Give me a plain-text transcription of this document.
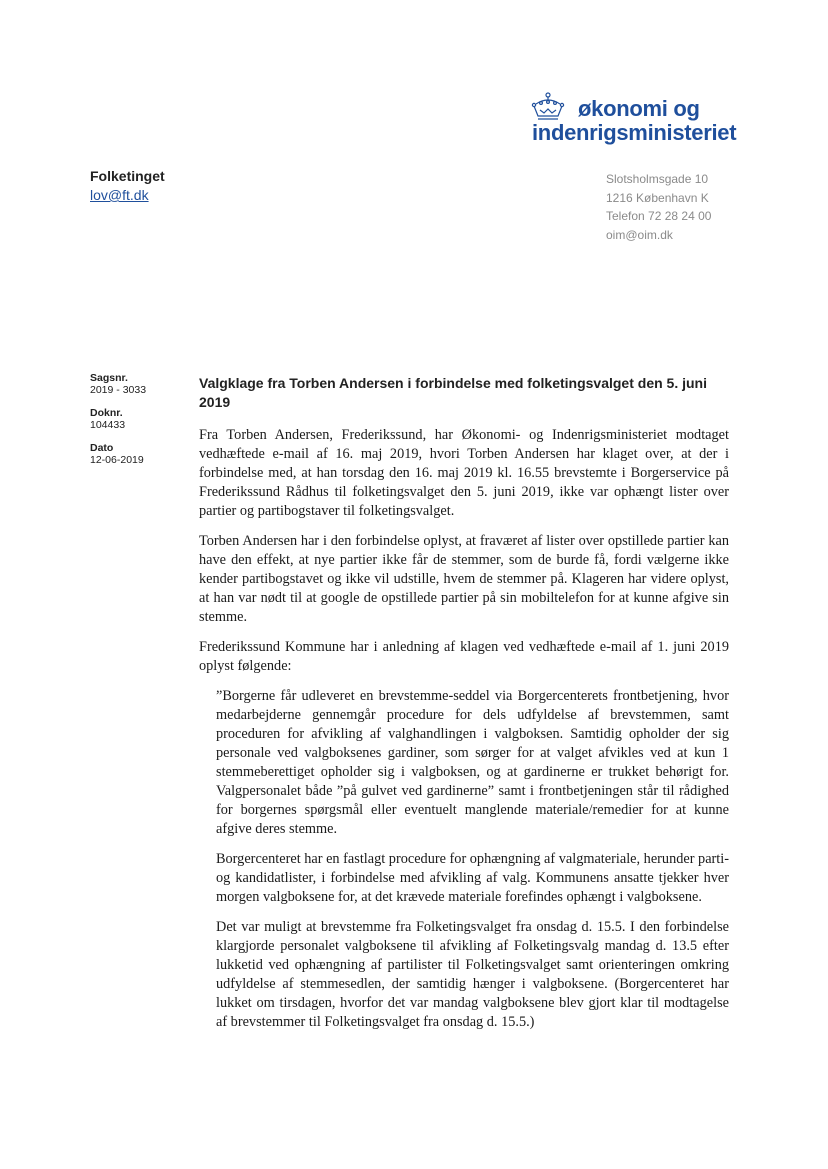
økonomi og
indenrigsministeriet
Folketinget
lov@ft.dk
Slotsholmsgade 10
1216 København K
Telefon 72 28 24 00
oim@oim.dk
Sagsnr.
2019 - 3033
Doknr.
104433
Dato
12-06-2019
Valgklage fra Torben Andersen i forbindelse med folketingsvalget den 5. juni 2019

Fra Torben Andersen, Frederikssund, har Økonomi- og Indenrigsministeriet modtaget vedhæftede e-mail af 16. maj 2019, hvori Torben Andersen har klaget over, at der i forbindelse med, at han torsdag den 16. maj 2019 kl. 16.55 brevstemte i Borgerservice på Frederikssund Rådhus til folketingsvalget den 5. juni 2019, ikke var ophængt lister over partier og partibogstaver til folketingsvalget.

Torben Andersen har i den forbindelse oplyst, at fraværet af lister over opstillede partier kan have den effekt, at nye partier ikke får de stemmer, som de burde få, fordi vælgerne ikke kender partibogstavet og ikke vil udstille, hvem de stemmer på. Klageren har videre oplyst, at han var nødt til at google de opstillede partier på sin mobiltelefon for at kunne afgive sin stemme.

Frederikssund Kommune har i anledning af klagen ved vedhæftede e-mail af 1. juni 2019 oplyst følgende:

”Borgerne får udleveret en brevstemme-seddel via Borgercenterets frontbetjening, hvor medarbejderne gennemgår procedure for dels udfyldelse af brevstemmen, samt proceduren for afvikling af valghandlingen i valgboksen. Samtidig opholder der sig personale ved valgboksenes gardiner, som sørger for at valget afvikles ved at kun 1 stemmeberettiget opholder sig i valgboksen, og at gardinerne er trukket behørigt for. Valgpersonalet både ”på gulvet ved gardinerne” samt i frontbetjeningen står til rådighed for borgernes spørgsmål eller eventuelt manglende materiale/remedier for at kunne afgive deres stemme.

Borgercenteret har en fastlagt procedure for ophængning af valgmateriale, herunder parti- og kandidatlister, i forbindelse med afvikling af valg. Kommunens ansatte tjekker hver morgen valgboksene for, at det krævede materiale forefindes ophængt i valgboksene.

Det var muligt at brevstemme fra Folketingsvalget fra onsdag d. 15.5. I den forbindelse klargjorde personalet valgboksene til afvikling af Folketingsvalg mandag d. 13.5 efter lukketid ved ophængning af partilister til Folketingsvalget samt orienteringen omkring udfyldelse af stemmesedlen, der samtidig hænger i valgboksene. (Borgercenteret har lukket om tirsdagen, hvorfor det var mandag valgboksene blev gjort klar til modtagelse af brevstemmer til Folketingsvalget fra onsdag d. 15.5.)
